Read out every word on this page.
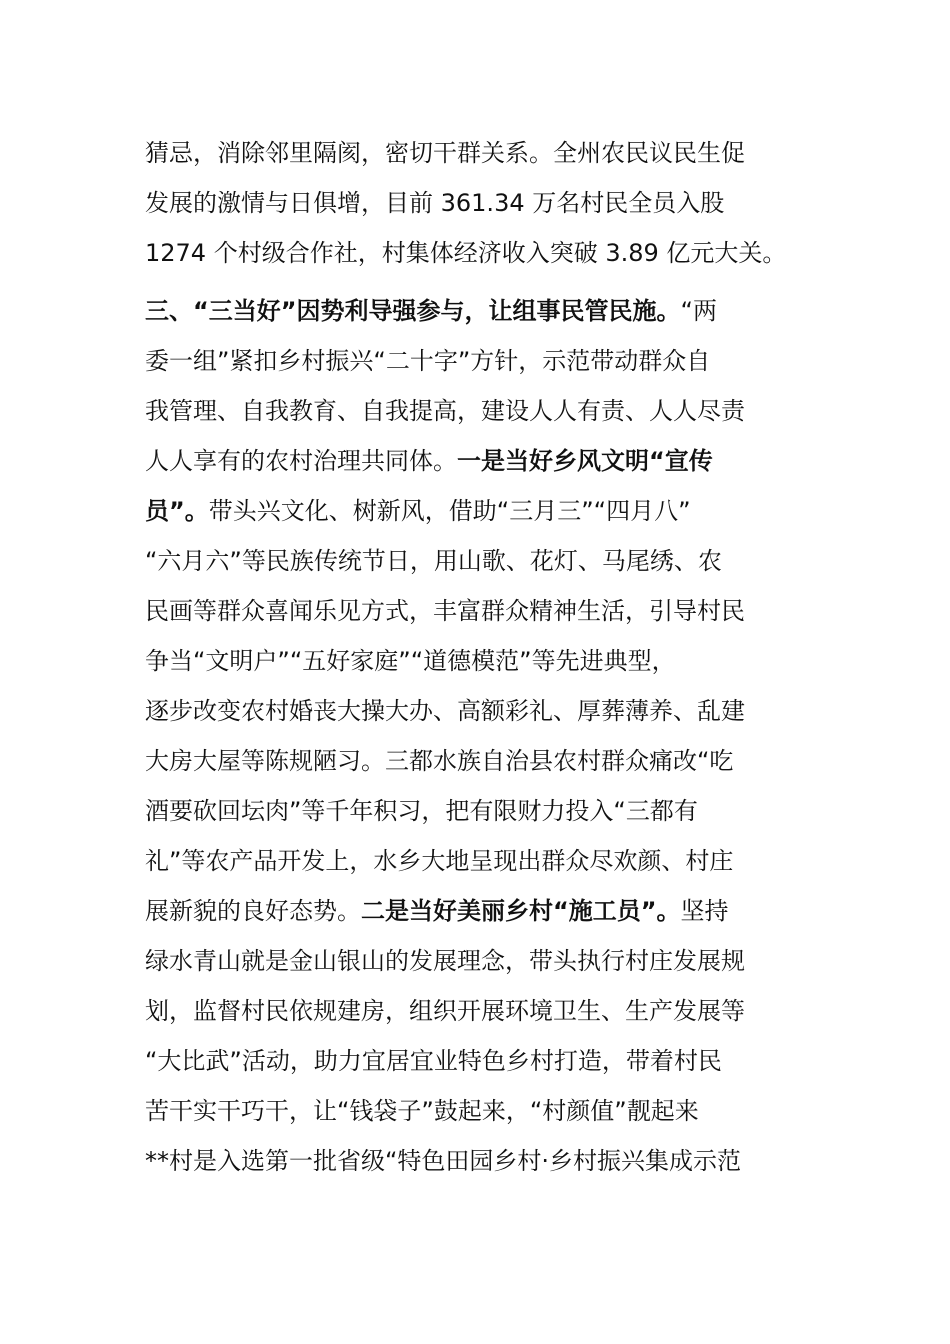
猜忌，消除邻里隔阂，密切干群关系。全州农民议民生促
发展的激情与日俱增，目前 361.34 万名村民全员入股
1274 个村级合作社，村集体经济收入突破 3.89 亿元大关。
三、“三当好”因势利导强参与，让组事民管民施。“两
委一组”紧扣乡村振兴“二十字”方针，示范带动群众自
我管理、自我教育、自我提高，建设人人有责、人人尽责
人人享有的农村治理共同体。一是当好乡风文明“宣传
员”。带头兴文化、树新风，借助“三月三”“四月八”
“六月六”等民族传统节日，用山歌、花灯、马尾绣、农
民画等群众喜闻乐见方式，丰富群众精神生活，引导村民
争当“文明户”“五好家庭”“道德模范”等先进典型，
逐步改变农村婚丧大操大办、高额彩礼、厚葬薄养、乱建
大房大屋等陈规陋习。三都水族自治县农村群众痛改“吃
酒要砍回坛肉”等千年积习，把有限财力投入“三都有
礼”等农产品开发上，水乡大地呈现出群众尽欢颜、村庄
展新貌的良好态势。二是当好美丽乡村“施工员”。坚持
绿水青山就是金山银山的发展理念，带头执行村庄发展规
划，监督村民依规建房，组织开展环境卫生、生产发展等
“大比武”活动，助力宜居宜业特色乡村打造，带着村民
苦干实干巧干，让“钱袋子”鼓起来，“村颜值”靓起来
**村是入选第一批省级“特色田园乡村·乡村振兴集成示范
